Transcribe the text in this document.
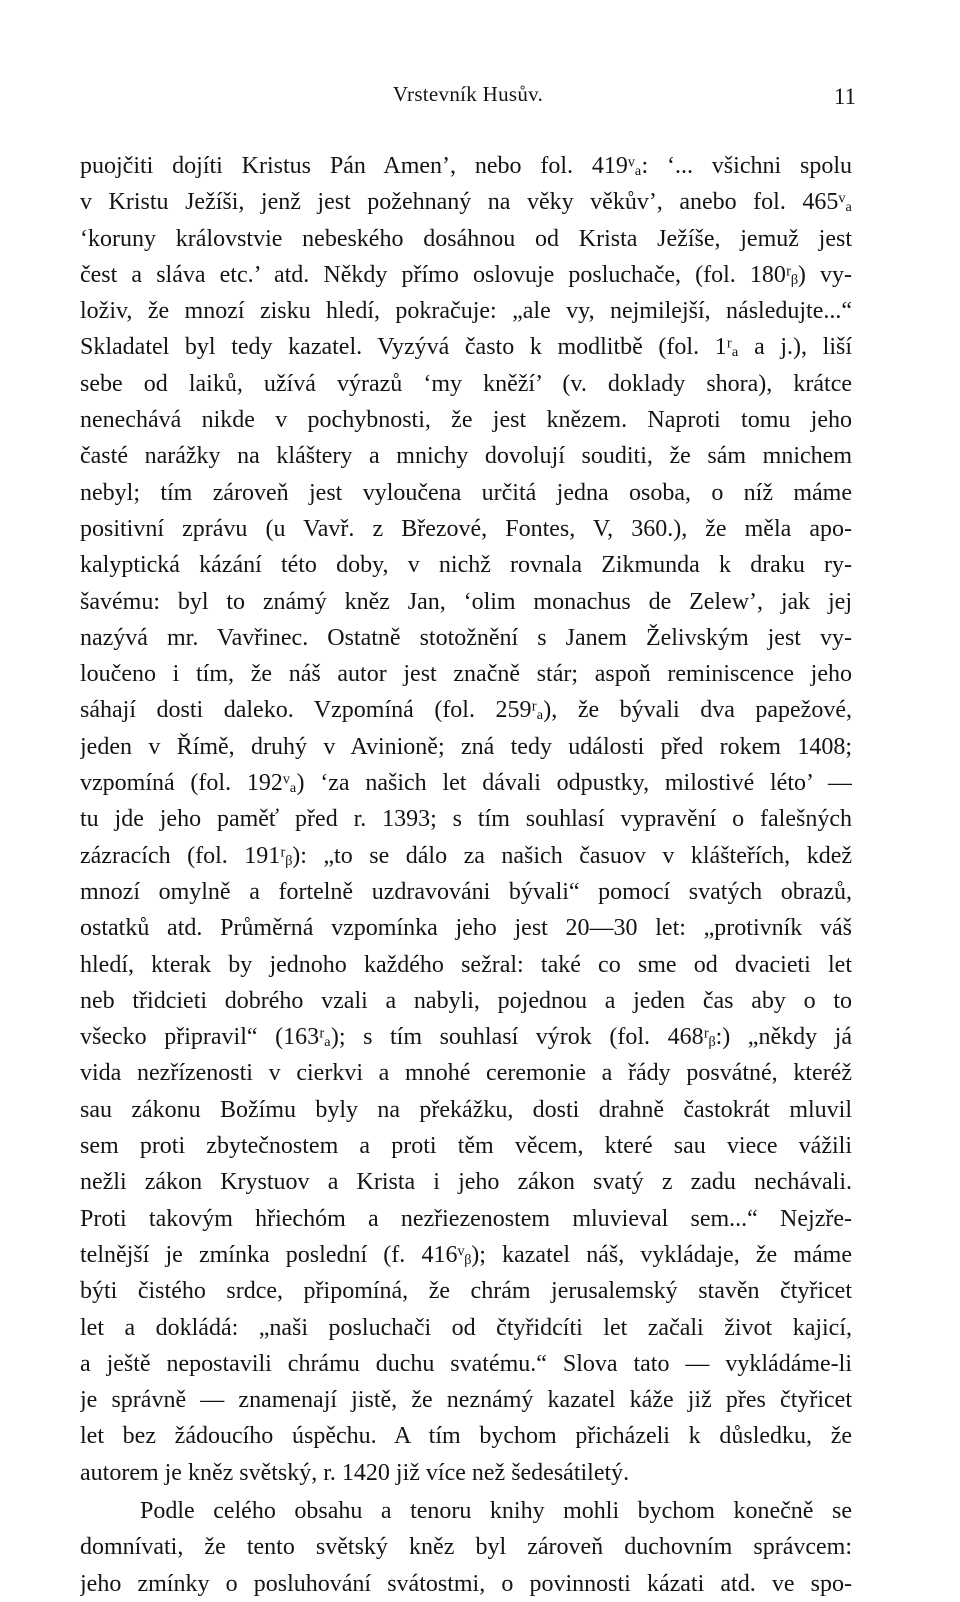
Vrstevník Husův.	11
puojčiti dojíti Kristus Pán Amen’, nebo fol. 419ᵛₐ: ‘... všichni spolu
v Kristu Ježíši, jenž jest požehnaný na věky věkův’, anebo fol. 465ᵛₐ
‘koruny královstvie nebeského dosáhnou od Krista Ježíše, jemuž jest
čest a sláva etc.’ atd. Někdy přímo oslovuje posluchače, (fol. 180ʳᵦ) vy-
loživ, že mnozí zisku hledí, pokračuje: „ale vy, nejmilejší, následujte...“
Skladatel byl tedy kazatel. Vyzývá často k modlitbě (fol. 1ʳₐ a j.), liší
sebe od laiků, užívá výrazů ‘my kněží’ (v. doklady shora), krátce
nenechává nikde v pochybnosti, že jest knězem. Naproti tomu jeho
časté narážky na kláštery a mnichy dovolují souditi, že sám mnichem
nebyl; tím zároveň jest vyloučena určitá jedna osoba, o níž máme
positivní zprávu (u Vavř. z Březové, Fontes, V, 360.), že měla apo-
kalyptická kázání této doby, v nichž rovnala Zikmunda k draku ry-
šavému: byl to známý kněz Jan, ‘olim monachus de Zelew’, jak jej
nazývá mr. Vavřinec. Ostatně stotožnění s Janem Želivským jest vy-
loučeno i tím, že náš autor jest značně stár; aspoň reminiscence jeho
sáhají dosti daleko. Vzpomíná (fol. 259ʳₐ), že bývali dva papežové,
jeden v Římě, druhý v Avinioně; zná tedy události před rokem 1408;
vzpomíná (fol. 192ᵛₐ) ‘za našich let dávali odpustky, milostivé léto’ —
tu jde jeho paměť před r. 1393; s tím souhlasí vypravění o falešných
zázracích (fol. 191ʳᵦ): „to se dálo za našich časuov v klášteřích, kdež
mnozí omylně a fortelně uzdravováni bývali“ pomocí svatých obrazů,
ostatků atd. Průměrná vzpomínka jeho jest 20—30 let: „protivník váš
hledí, kterak by jednoho každého sežral: také co sme od dvacieti let
neb třidcieti dobrého vzali a nabyli, pojednou a jeden čas aby o to
všecko připravil“ (163ʳₐ); s tím souhlasí výrok (fol. 468ʳᵦ:) „někdy já
vida nezřízenosti v cierkvi a mnohé ceremonie a řády posvátné, kteréž
sau zákonu Božímu byly na překážku, dosti drahně častokrát mluvil
sem proti zbytečnostem a proti těm věcem, které sau viece vážili
nežli zákon Krystuov a Krista i jeho zákon svatý z zadu nechávali.
Proti takovým hřiechóm a nezřiezenostem mluvieval sem...“ Nejzře-
telnější je zmínka poslední (f. 416ᵛᵦ); kazatel náš, vykládaje, že máme
býti čistého srdce, připomíná, že chrám jerusalemský stavěn čtyřicet
let a dokládá: „naši posluchači od čtyřidcíti let začali život kajicí,
a ještě nepostavili chrámu duchu svatému.“ Slova tato — vykládáme-li
je správně — znamenají jistě, že neznámý kazatel káže již přes čtyřicet
let bez žádoucího úspěchu. A tím bychom přicházeli k důsledku, že
autorem je kněz světský, r. 1420 již více než šedesátiletý.
Podle celého obsahu a tenoru knihy mohli bychom konečně se
domnívati, že tento světský kněz byl zároveň duchovním správcem:
jeho zmínky o posluhování svátostmi, o povinnosti kázati atd. ve spo-
